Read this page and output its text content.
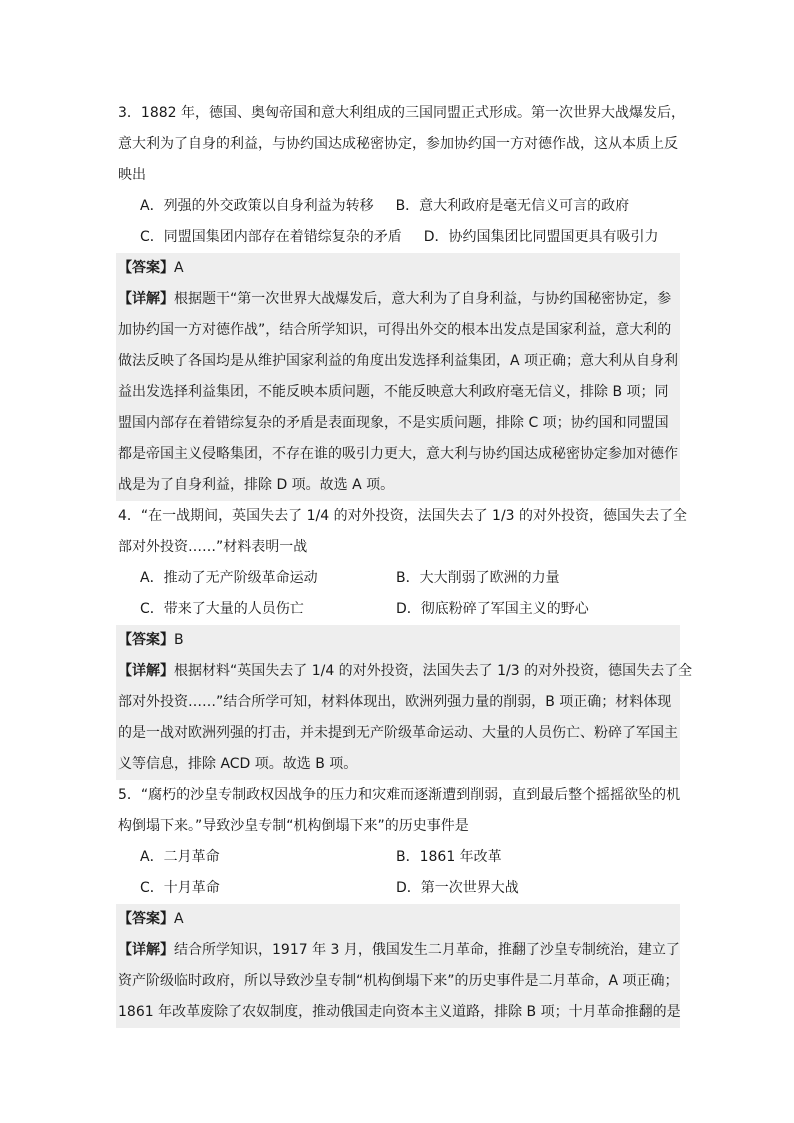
3．1882 年，德国、奥匈帝国和意大利组成的三国同盟正式形成。第一次世界大战爆发后，
意大利为了自身的利益，与协约国达成秘密协定，参加协约国一方对德作战，这从本质上反
映出
A．列强的外交政策以自身利益为转移 B．意大利政府是毫无信义可言的政府
C．同盟国集团内部存在着错综复杂的矛盾 D．协约国集团比同盟国更具有吸引力
【答案】A
【详解】根据题干“第一次世界大战爆发后，意大利为了自身利益，与协约国秘密协定，参
加协约国一方对德作战”，结合所学知识，可得出外交的根本出发点是国家利益，意大利的
做法反映了各国均是从维护国家利益的角度出发选择利益集团，A 项正确；意大利从自身利
益出发选择利益集团，不能反映本质问题，不能反映意大利政府毫无信义，排除 B 项；同
盟国内部存在着错综复杂的矛盾是表面现象，不是实质问题，排除 C 项；协约国和同盟国
都是帝国主义侵略集团，不存在谁的吸引力更大，意大利与协约国达成秘密协定参加对德作
战是为了自身利益，排除 D 项。故选 A 项。
4．“在一战期间，英国失去了 1/4 的对外投资，法国失去了 1/3 的对外投资，德国失去了全
部对外投资……”材料表明一战
A．推动了无产阶级革命运动	B．大大削弱了欧洲的力量
C．带来了大量的人员伤亡	D．彻底粉碎了军国主义的野心
【答案】B
【详解】根据材料“英国失去了 1/4 的对外投资，法国失去了 1/3 的对外投资，德国失去了全
部对外投资……”结合所学可知，材料体现出，欧洲列强力量的削弱，B 项正确；材料体现
的是一战对欧洲列强的打击，并未提到无产阶级革命运动、大量的人员伤亡、粉碎了军国主
义等信息，排除 ACD 项。故选 B 项。
5．“腐朽的沙皇专制政权因战争的压力和灾难而逐渐遭到削弱，直到最后整个摇摇欲坠的机
构倒塌下来。”导致沙皇专制“机构倒塌下来”的历史事件是
A．二月革命	B．1861 年改革
C．十月革命	D．第一次世界大战
【答案】A
【详解】结合所学知识，1917 年 3 月，俄国发生二月革命，推翻了沙皇专制统治，建立了
资产阶级临时政府，所以导致沙皇专制“机构倒塌下来”的历史事件是二月革命，A 项正确；
1861 年改革废除了农奴制度，推动俄国走向资本主义道路，排除 B 项；十月革命推翻的是
